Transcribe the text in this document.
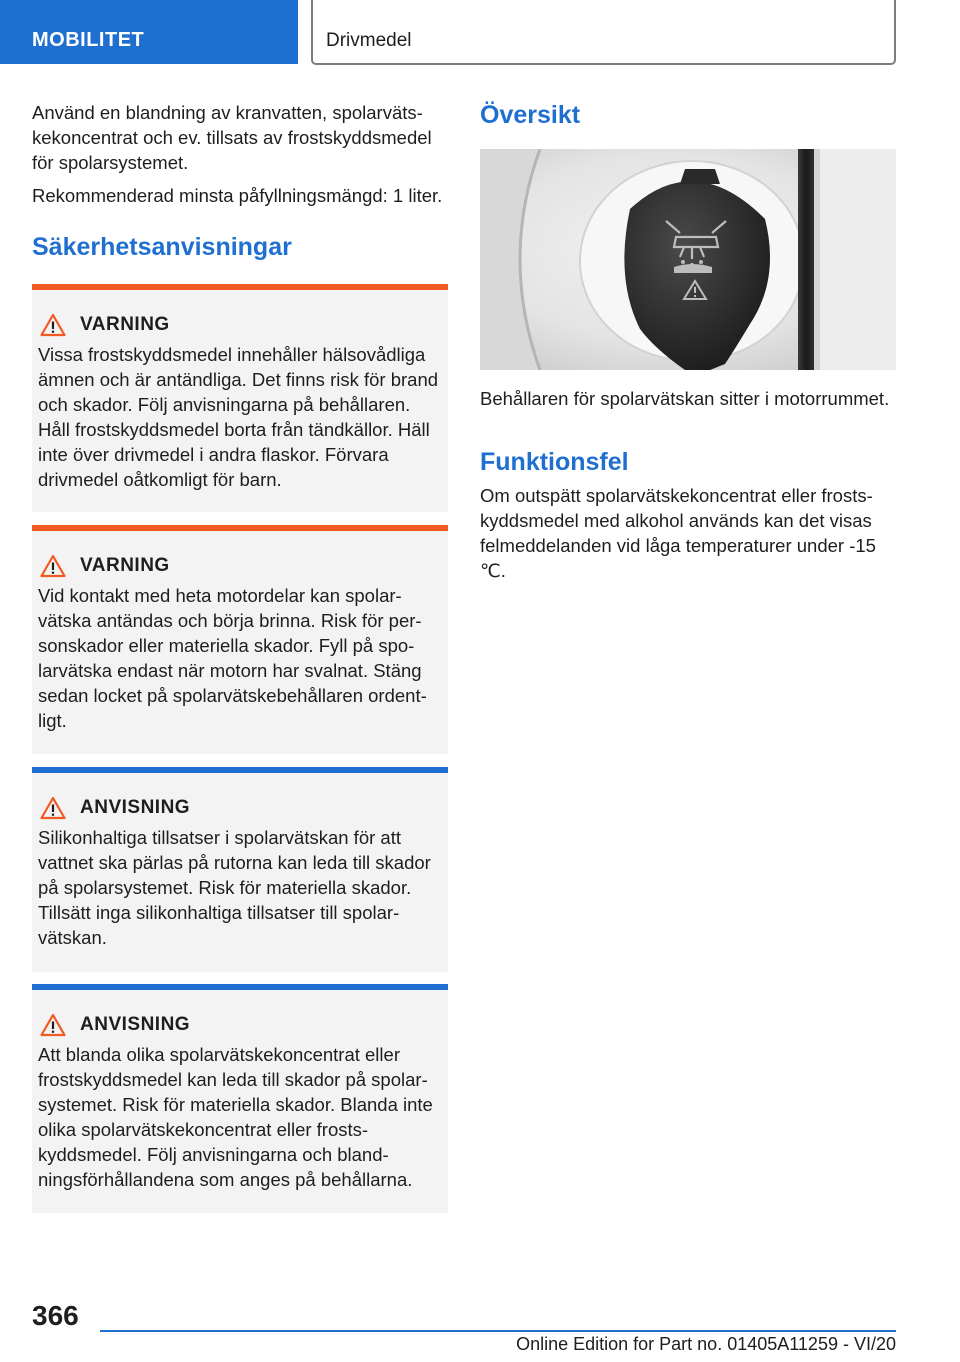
MOBILITET	Drivmedel

Använd en blandning av kranvatten, spolarvätskekoncentrat och ev. tillsats av frostskyddsmedel för spolarsystemet.

Rekommenderad minsta påfyllningsmängd: 1 liter.

Säkerhetsanvisningar
VARNING

Vissa frostskyddsmedel innehåller hälsovådliga ämnen och är antändliga. Det finns risk för brand och skador. Följ anvisningarna på behållaren. Håll frostskyddsmedel borta från tändkällor. Häll inte över drivmedel i andra flaskor. Förvara drivmedel oåtkomligt för barn.

VARNING

Vid kontakt med heta motordelar kan spolarvätska antändas och börja brinna. Risk för personskador eller materiella skador. Fyll på spolarvätska endast när motorn har svalnat. Stäng sedan locket på spolarvätskebehållaren ordentligt.

ANVISNING

Silikonhaltiga tillsatser i spolarvätskan för att vattnet ska pärlas på rutorna kan leda till skador på spolarsystemet. Risk för materiella skador. Tillsätt inga silikonhaltiga tillsatser till spolarvätskan.

ANVISNING

Att blanda olika spolarvätskekoncentrat eller frostskyddsmedel kan leda till skador på spolarsystemet. Risk för materiella skador. Blanda inte olika spolarvätskekoncentrat eller frostskyddsmedel. Följ anvisningarna och blandningsförhållandena som anges på behållarna.

Översikt

Behållaren för spolarvätskan sitter i motorrummet.

Funktionsfel

Om outspätt spolarvätskekoncentrat eller frostskyddsmedel med alkohol används kan det visas felmeddelanden vid låga temperaturer under -15 ℃.

366
Online Edition for Part no. 01405A11259 - VI/20
